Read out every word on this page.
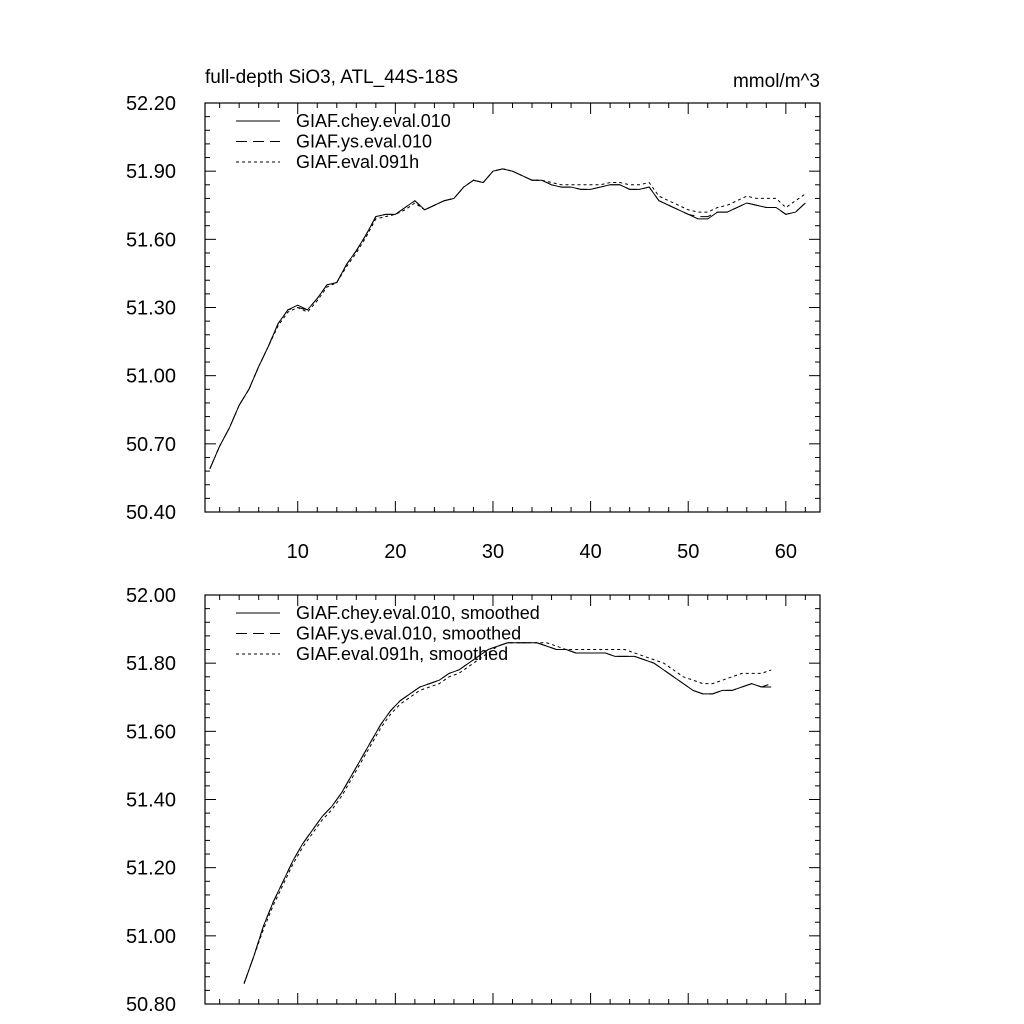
full-depth SiO3, ATL_44S-18S	mmol/m^3
50.40
50.70
51.00
51.30
51.60
51.90
52.20
10	20	30	40	50	60
GIAF.chey.eval.010
GIAF.ys.eval.010
GIAF.eval.091h
50.80
51.00
51.20
51.40
51.60
51.80
52.00
GIAF.chey.eval.010, smoothed
GIAF.ys.eval.010, smoothed
GIAF.eval.091h, smoothed
